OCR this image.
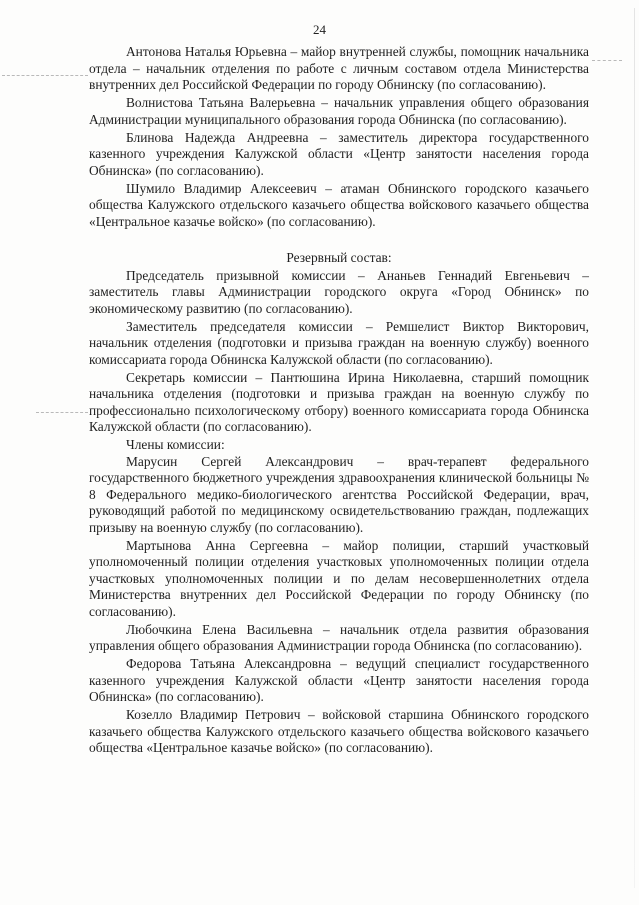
24

Антонова Наталья Юрьевна – майор внутренней службы, помощник начальника отдела – начальник отделения по работе с личным составом отдела Министерства внутренних дел Российской Федерации по городу Обнинску (по согласованию).

Волнистова Татьяна Валерьевна – начальник управления общего образования Администрации муниципального образования города Обнинска (по согласованию).

Блинова Надежда Андреевна – заместитель директора государственного казенного учреждения Калужской области «Центр занятости населения города Обнинска» (по согласованию).

Шумило Владимир Алексеевич – атаман Обнинского городского казачьего общества Калужского отдельского казачьего общества войскового казачьего общества «Центральное казачье войско» (по согласованию).

Резервный состав:

Председатель призывной комиссии – Ананьев Геннадий Евгеньевич – заместитель главы Администрации городского округа «Город Обнинск» по экономическому развитию (по согласованию).

Заместитель председателя комиссии – Ремшелист Виктор Викторович, начальник отделения (подготовки и призыва граждан на военную службу) военного комиссариата города Обнинска Калужской области (по согласованию).

Секретарь комиссии – Пантюшина Ирина Николаевна, старший помощник начальника отделения (подготовки и призыва граждан на военную службу по профессионально психологическому отбору) военного комиссариата города Обнинска Калужской области (по согласованию).

Члены комиссии:

Марусин Сергей Александрович – врач-терапевт федерального государственного бюджетного учреждения здравоохранения клинической больницы № 8 Федерального медико-биологического агентства Российской Федерации, врач, руководящий работой по медицинскому освидетельствованию граждан, подлежащих призыву на военную службу (по согласованию).

Мартынова Анна Сергеевна – майор полиции, старший участковый уполномоченный полиции отделения участковых уполномоченных полиции отдела участковых уполномоченных полиции и по делам несовершеннолетних отдела Министерства внутренних дел Российской Федерации по городу Обнинску (по согласованию).

Любочкина Елена Васильевна – начальник отдела развития образования управления общего образования Администрации города Обнинска (по согласованию).

Федорова Татьяна Александровна – ведущий специалист государственного казенного учреждения Калужской области «Центр занятости населения города Обнинска» (по согласованию).

Козелло Владимир Петрович – войсковой старшина Обнинского городского казачьего общества Калужского отдельского казачьего общества войскового казачьего общества «Центральное казачье войско» (по согласованию).
